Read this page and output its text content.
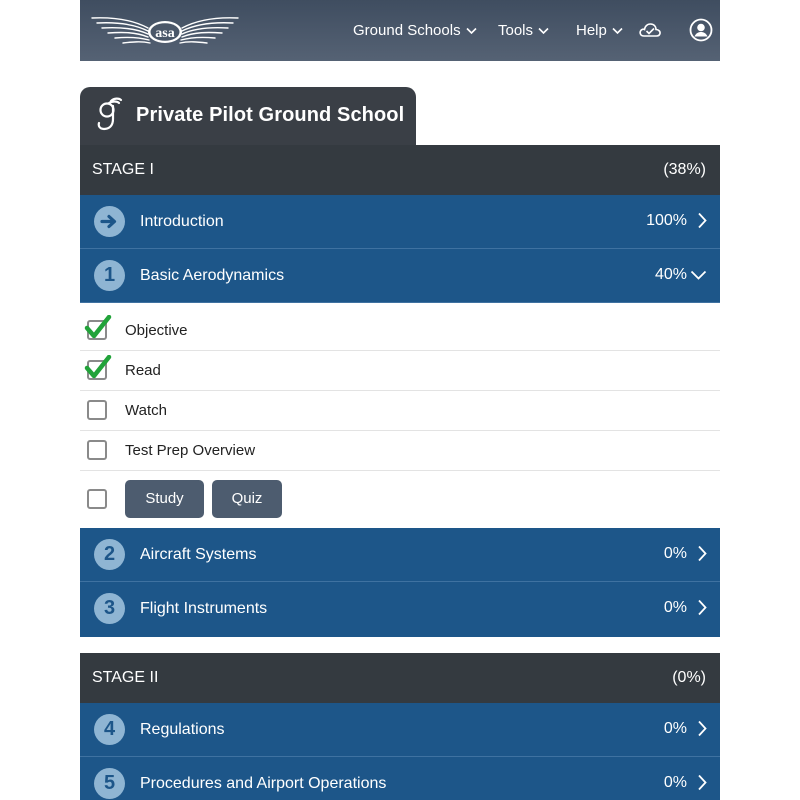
asa	Ground Schools	Tools	Help
Private Pilot Ground School
STAGE I	(38%)
Introduction	100%
1	Basic Aerodynamics	40%
Objective
Read
Watch
Test Prep Overview
Study	Quiz
2	Aircraft Systems	0%
3	Flight Instruments	0%
STAGE II	(0%)
4	Regulations	0%
5	Procedures and Airport Operations	0%
